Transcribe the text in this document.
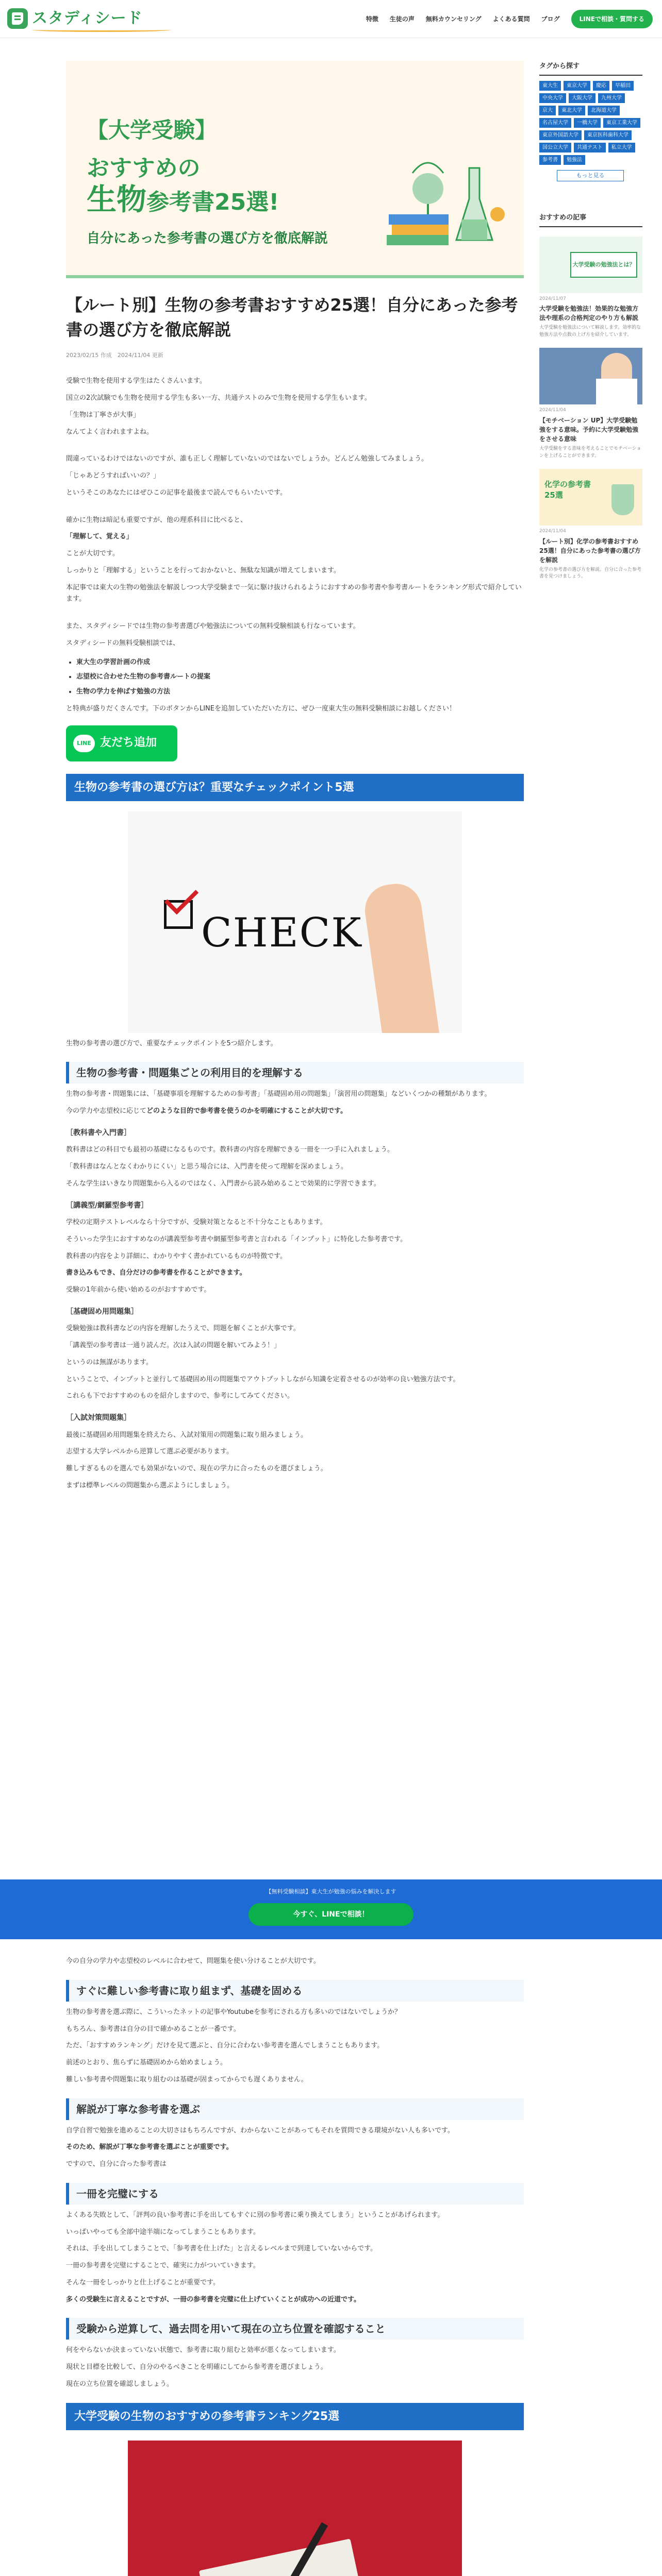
スタディシード	特徴 生徒の声 無料カウンセリング よくある質問 ブログ	LINEで相談・質問する
【大学受験】
おすすめの
生物参考書25選!
自分にあった参考書の選び方を徹底解説
【ルート別】生物の参考書おすすめ25選！自分にあった参考書の選び方を徹底解説
2023/02/15 作成　2024/11/04 更新

受験で生物を使用する学生はたくさんいます。

国立の2次試験でも生物を使用する学生も多い一方、共通テストのみで生物を使用する学生もいます。

「生物は丁寧さが大事」

なんてよく言われますよね。

間違っているわけではないのですが、誰も正しく理解していないのではないでしょうか。どんどん勉強してみましょう。

「じゃあどうすればいいの？」

というそこのあなたにはぜひこの記事を最後まで読んでもらいたいです。

確かに生物は暗記も重要ですが、他の理系科目に比べると、

「理解して、覚える」

ことが大切です。

しっかりと「理解する」ということを行っておかないと、無駄な知識が増えてしまいます。

本記事では東大の生物の勉強法を解説しつつ大学受験まで一気に駆け抜けられるようにおすすめの参考書や参考書ルートをランキング形式で紹介しています。

また、スタディシードでは生物の参考書選びや勉強法についての無料受験相談も行なっています。

スタディシードの無料受験相談では、

• 東大生の学習計画の作成
• 志望校に合わせた生物の参考書ルートの提案
• 生物の学力を伸ばす勉強の方法

と特典が盛りだくさんです。下のボタンからLINEを追加していただいた方に、ぜひ一度東大生の無料受験相談にお越しください！

LINE 友だち追加
生物の参考書の選び方は？重要なチェックポイント5選
CHECK

生物の参考書の選び方で、重要なチェックポイントを5つ紹介します。

生物の参考書・問題集ごとの利用目的を理解する

生物の参考書・問題集には、「基礎事項を理解するための参考書」「基礎固め用の問題集」「演習用の問題集」などいくつかの種類があります。

今の学力や志望校に応じてどのような目的で参考書を使うのかを明確にすることが大切です。

［教科書や入門書］

教科書はどの科目でも最初の基礎になるものです。教科書の内容を理解できる一冊を一つ手に入れましょう。

「教科書はなんとなくわかりにくい」と思う場合には、入門書を使って理解を深めましょう。

そんな学生はいきなり問題集から入るのではなく、入門書から読み始めることで効果的に学習できます。

［講義型/網羅型参考書］

学校の定期テストレベルなら十分ですが、受験対策となると不十分なこともあります。

そういった学生におすすめなのが講義型参考書や網羅型参考書と言われる「インプット」に特化した参考書です。

教科書の内容をより詳細に、わかりやすく書かれているものが特徴です。

書き込みもでき、自分だけの参考書を作ることができます。

受験の1年前から使い始めるのがおすすめです。

［基礎固め用問題集］

受験勉強は教科書などの内容を理解したうえで、問題を解くことが大事です。

「講義型の参考書は一通り読んだ。次は入試の問題を解いてみよう！」

というのは無謀があります。

ということで、インプットと並行して基礎固め用の問題集でアウトプットしながら知識を定着させるのが効率の良い勉強方法です。

これらも下でおすすめのものを紹介しますので、参考にしてみてください。

［入試対策問題集］

最後に基礎固め用問題集を終えたら、入試対策用の問題集に取り組みましょう。

志望する大学レベルから逆算して選ぶ必要があります。

難しすぎるものを選んでも効果がないので、現在の学力に合ったものを選びましょう。

まずは標準レベルの問題集から選ぶようにしましょう。

【無料受験相談】東大生が勉強の悩みを解決します
今すぐ、LINEで相談！

今の自分の学力や志望校のレベルに合わせて、問題集を使い分けることが大切です。

すぐに難しい参考書に取り組まず、基礎を固める

生物の参考書を選ぶ際に、こういったネットの記事やYoutubeを参考にされる方も多いのではないでしょうか？

もちろん、参考書は自分の目で確かめることが一番です。

ただ、「おすすめランキング」だけを見て選ぶと、自分に合わない参考書を選んでしまうこともあります。

前述のとおり、焦らずに基礎固めから始めましょう。

難しい参考書や問題集に取り組むのは基礎が固まってからでも遅くありません。

解説が丁寧な参考書を選ぶ

自学自習で勉強を進めることの大切さはもちろんですが、わからないことがあってもそれを質問できる環境がない人も多いです。

そのため、解説が丁寧な参考書を選ぶことが重要です。

ですので、自分に合った参考書は

一冊を完璧にする

よくある失敗として、「評判の良い参考書に手を出してもすぐに別の参考書に乗り換えてしまう」ということがあげられます。

いっぱいやっても全部中途半端になってしまうこともあります。

それは、手を出してしまうことで、「参考書を仕上げた」と言えるレベルまで到達していないからです。

一冊の参考書を完璧にすることで、確実に力がついていきます。

そんな一冊をしっかりと仕上げることが重要です。

多くの受験生に言えることですが、一冊の参考書を完璧に仕上げていくことが成功への近道です。

受験から逆算して、過去問を用いて現在の立ち位置を確認すること

何をやらないか決まっていない状態で、参考書に取り組むと効率が悪くなってしまいます。

現状と目標を比較して、自分のやるべきことを明確にしてから参考書を選びましょう。

現在の立ち位置を確認しましょう。

大学受験の生物のおすすめの参考書ランキング25選

タグから探す
東大生	東京大学	慶応	早稲田
中央大学	大阪大学	九州大学
京大	東北大学	北海道大学
名古屋大学	一橋大学	東京工業大学
東京外国語大学	東京医科歯科大学
国公立大学	共通テスト	私立大学
参考書	勉強法
もっと見る
おすすめの記事
大学受験の勉強法とは？
2024/11/07
大学受験を勉強法！効果的な勉強方法や理系の合格判定のやり方も解説
大学受験を勉強法について解説します。効率的な勉強方法や点数の上げ方を紹介しています。
2024/11/04
【モチベーション UP】大学受験勉強をする意味。予約に大学受験勉強をさせる意味
大学受験をする意味を考えることでモチベーションを上げることができます。
化学の参考書 25選
2024/11/04
【ルート別】化学の参考書おすすめ25選！自分にあった参考書の選び方を解説
化学の参考書の選び方を解説。自分に合った参考書を見つけましょう。
